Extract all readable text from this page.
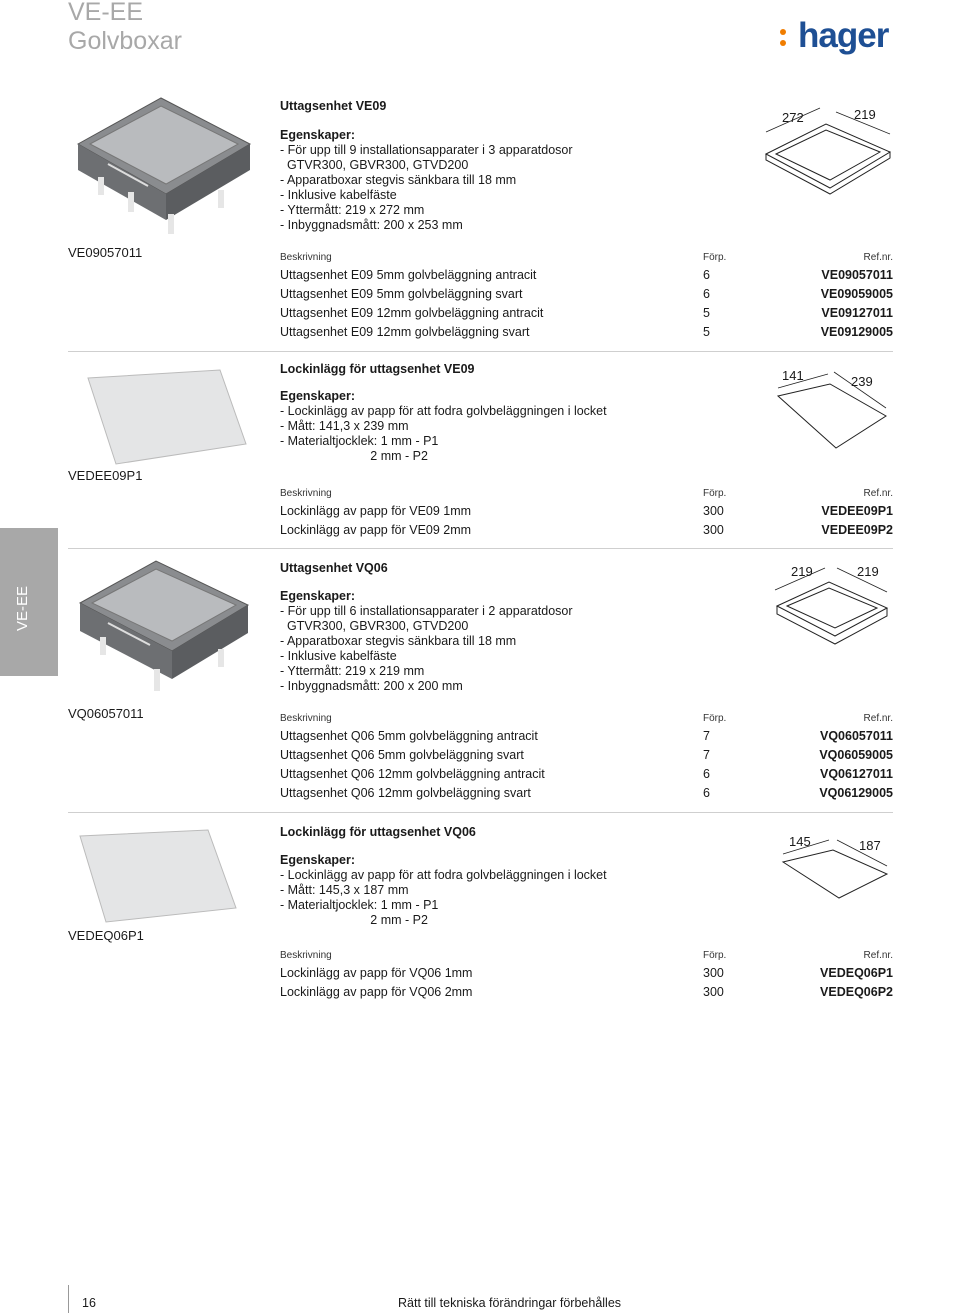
VE-EE
Golvboxar	hager
VE-EE
VE09057011
Uttagsenhet VE09
Egenskaper:
- För upp till 9 installationsapparater i 3 apparatdosor
GTVR300, GBVR300, GTVD200
- Apparatboxar stegvis sänkbara till 18 mm
- Inklusive kabelfäste
- Yttermått: 219 x 272 mm
- Inbyggnadsmått: 200 x 253 mm
272	219
Beskrivning	Förp.	Ref.nr.
Uttagsenhet E09 5mm golvbeläggning antracit	6	VE09057011
Uttagsenhet E09 5mm golvbeläggning svart	6	VE09059005
Uttagsenhet E09 12mm golvbeläggning antracit	5	VE09127011
Uttagsenhet E09 12mm golvbeläggning svart	5	VE09129005
VEDEE09P1
Lockinlägg för uttagsenhet VE09
Egenskaper:
- Lockinlägg av papp för att fodra golvbeläggningen i locket
- Mått: 141,3 x 239 mm
- Materialtjocklek: 1 mm - P1
2 mm - P2
141	239
Beskrivning	Förp.	Ref.nr.
Lockinlägg av papp för VE09 1mm	300	VEDEE09P1
Lockinlägg av papp för VE09 2mm	300	VEDEE09P2
VQ06057011
Uttagsenhet VQ06
Egenskaper:
- För upp till 6 installationsapparater i 2 apparatdosor
GTVR300, GBVR300, GTVD200
- Apparatboxar stegvis sänkbara till 18 mm
- Inklusive kabelfäste
- Yttermått: 219 x 219 mm
- Inbyggnadsmått: 200 x 200 mm
219	219
Beskrivning	Förp.	Ref.nr.
Uttagsenhet Q06 5mm golvbeläggning antracit	7	VQ06057011
Uttagsenhet Q06 5mm golvbeläggning svart	7	VQ06059005
Uttagsenhet Q06 12mm golvbeläggning antracit	6	VQ06127011
Uttagsenhet Q06 12mm golvbeläggning svart	6	VQ06129005
VEDEQ06P1
Lockinlägg för uttagsenhet VQ06
Egenskaper:
- Lockinlägg av papp för att fodra golvbeläggningen i locket
- Mått: 145,3 x 187 mm
- Materialtjocklek: 1 mm - P1
2 mm - P2
145	187
Beskrivning	Förp.	Ref.nr.
Lockinlägg av papp för VQ06 1mm	300	VEDEQ06P1
Lockinlägg av papp för VQ06 2mm	300	VEDEQ06P2
16	Rätt till tekniska förändringar förbehålles
